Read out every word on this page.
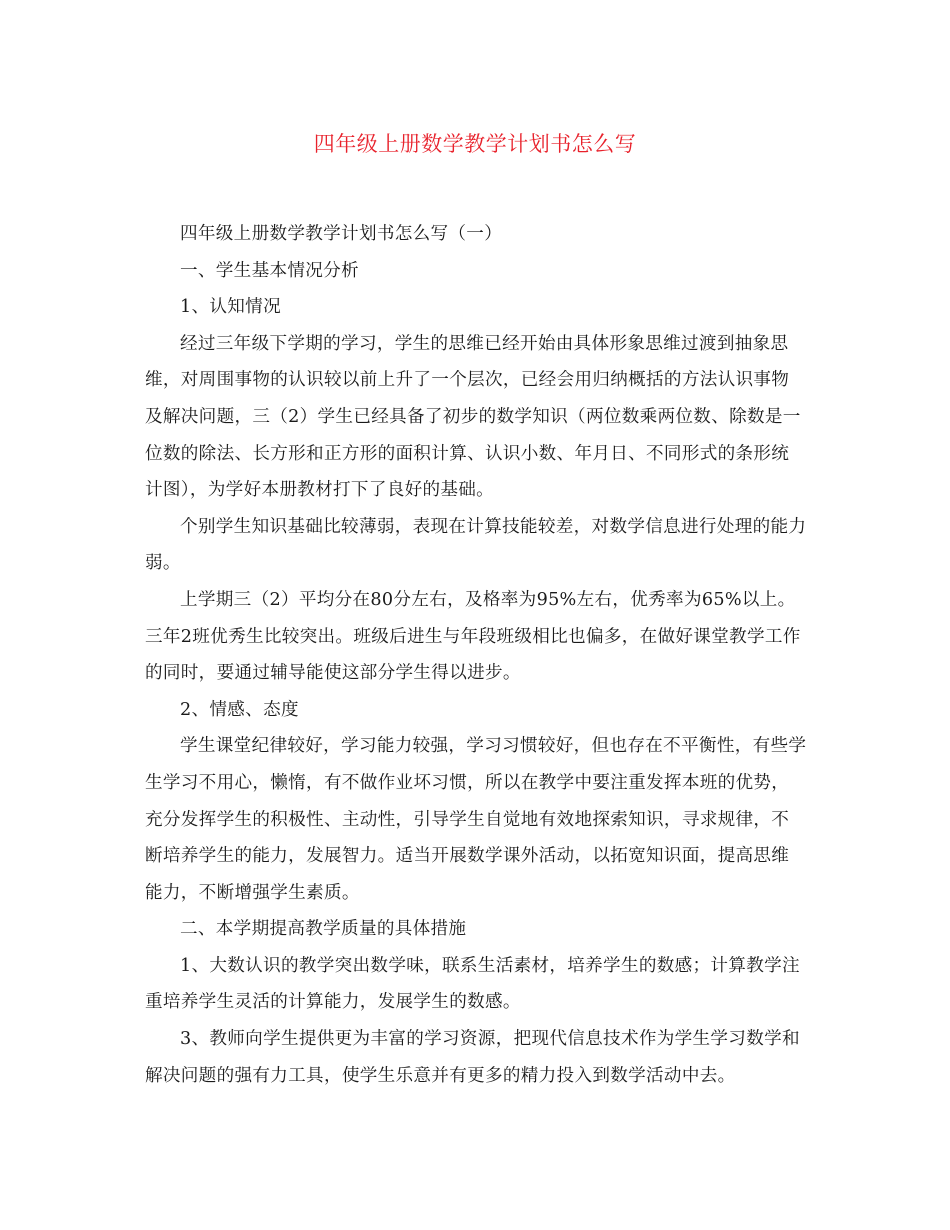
四年级上册数学教学计划书怎么写

四年级上册数学教学计划书怎么写（一）

一、学生基本情况分析

1、认知情况

经过三年级下学期的学习，学生的思维已经开始由具体形象思维过渡到抽象思维，对周围事物的认识较以前上升了一个层次，已经会用归纳概括的方法认识事物及解决问题，三（2）学生已经具备了初步的数学知识（两位数乘两位数、除数是一位数的除法、长方形和正方形的面积计算、认识小数、年月日、不同形式的条形统计图），为学好本册教材打下了良好的基础。

个别学生知识基础比较薄弱，表现在计算技能较差，对数学信息进行处理的能力弱。

上学期三（2）平均分在80分左右，及格率为95%左右，优秀率为65%以上。三年2班优秀生比较突出。班级后进生与年段班级相比也偏多，在做好课堂教学工作的同时，要通过辅导能使这部分学生得以进步。

2、情感、态度

学生课堂纪律较好，学习能力较强，学习习惯较好，但也存在不平衡性，有些学生学习不用心，懒惰，有不做作业坏习惯，所以在教学中要注重发挥本班的优势，充分发挥学生的积极性、主动性，引导学生自觉地有效地探索知识，寻求规律，不断培养学生的能力，发展智力。适当开展数学课外活动，以拓宽知识面，提高思维能力，不断增强学生素质。

二、本学期提高教学质量的具体措施

1、大数认识的教学突出数学味，联系生活素材，培养学生的数感；计算教学注重培养学生灵活的计算能力，发展学生的数感。

3、教师向学生提供更为丰富的学习资源，把现代信息技术作为学生学习数学和解决问题的强有力工具，使学生乐意并有更多的精力投入到数学活动中去。
